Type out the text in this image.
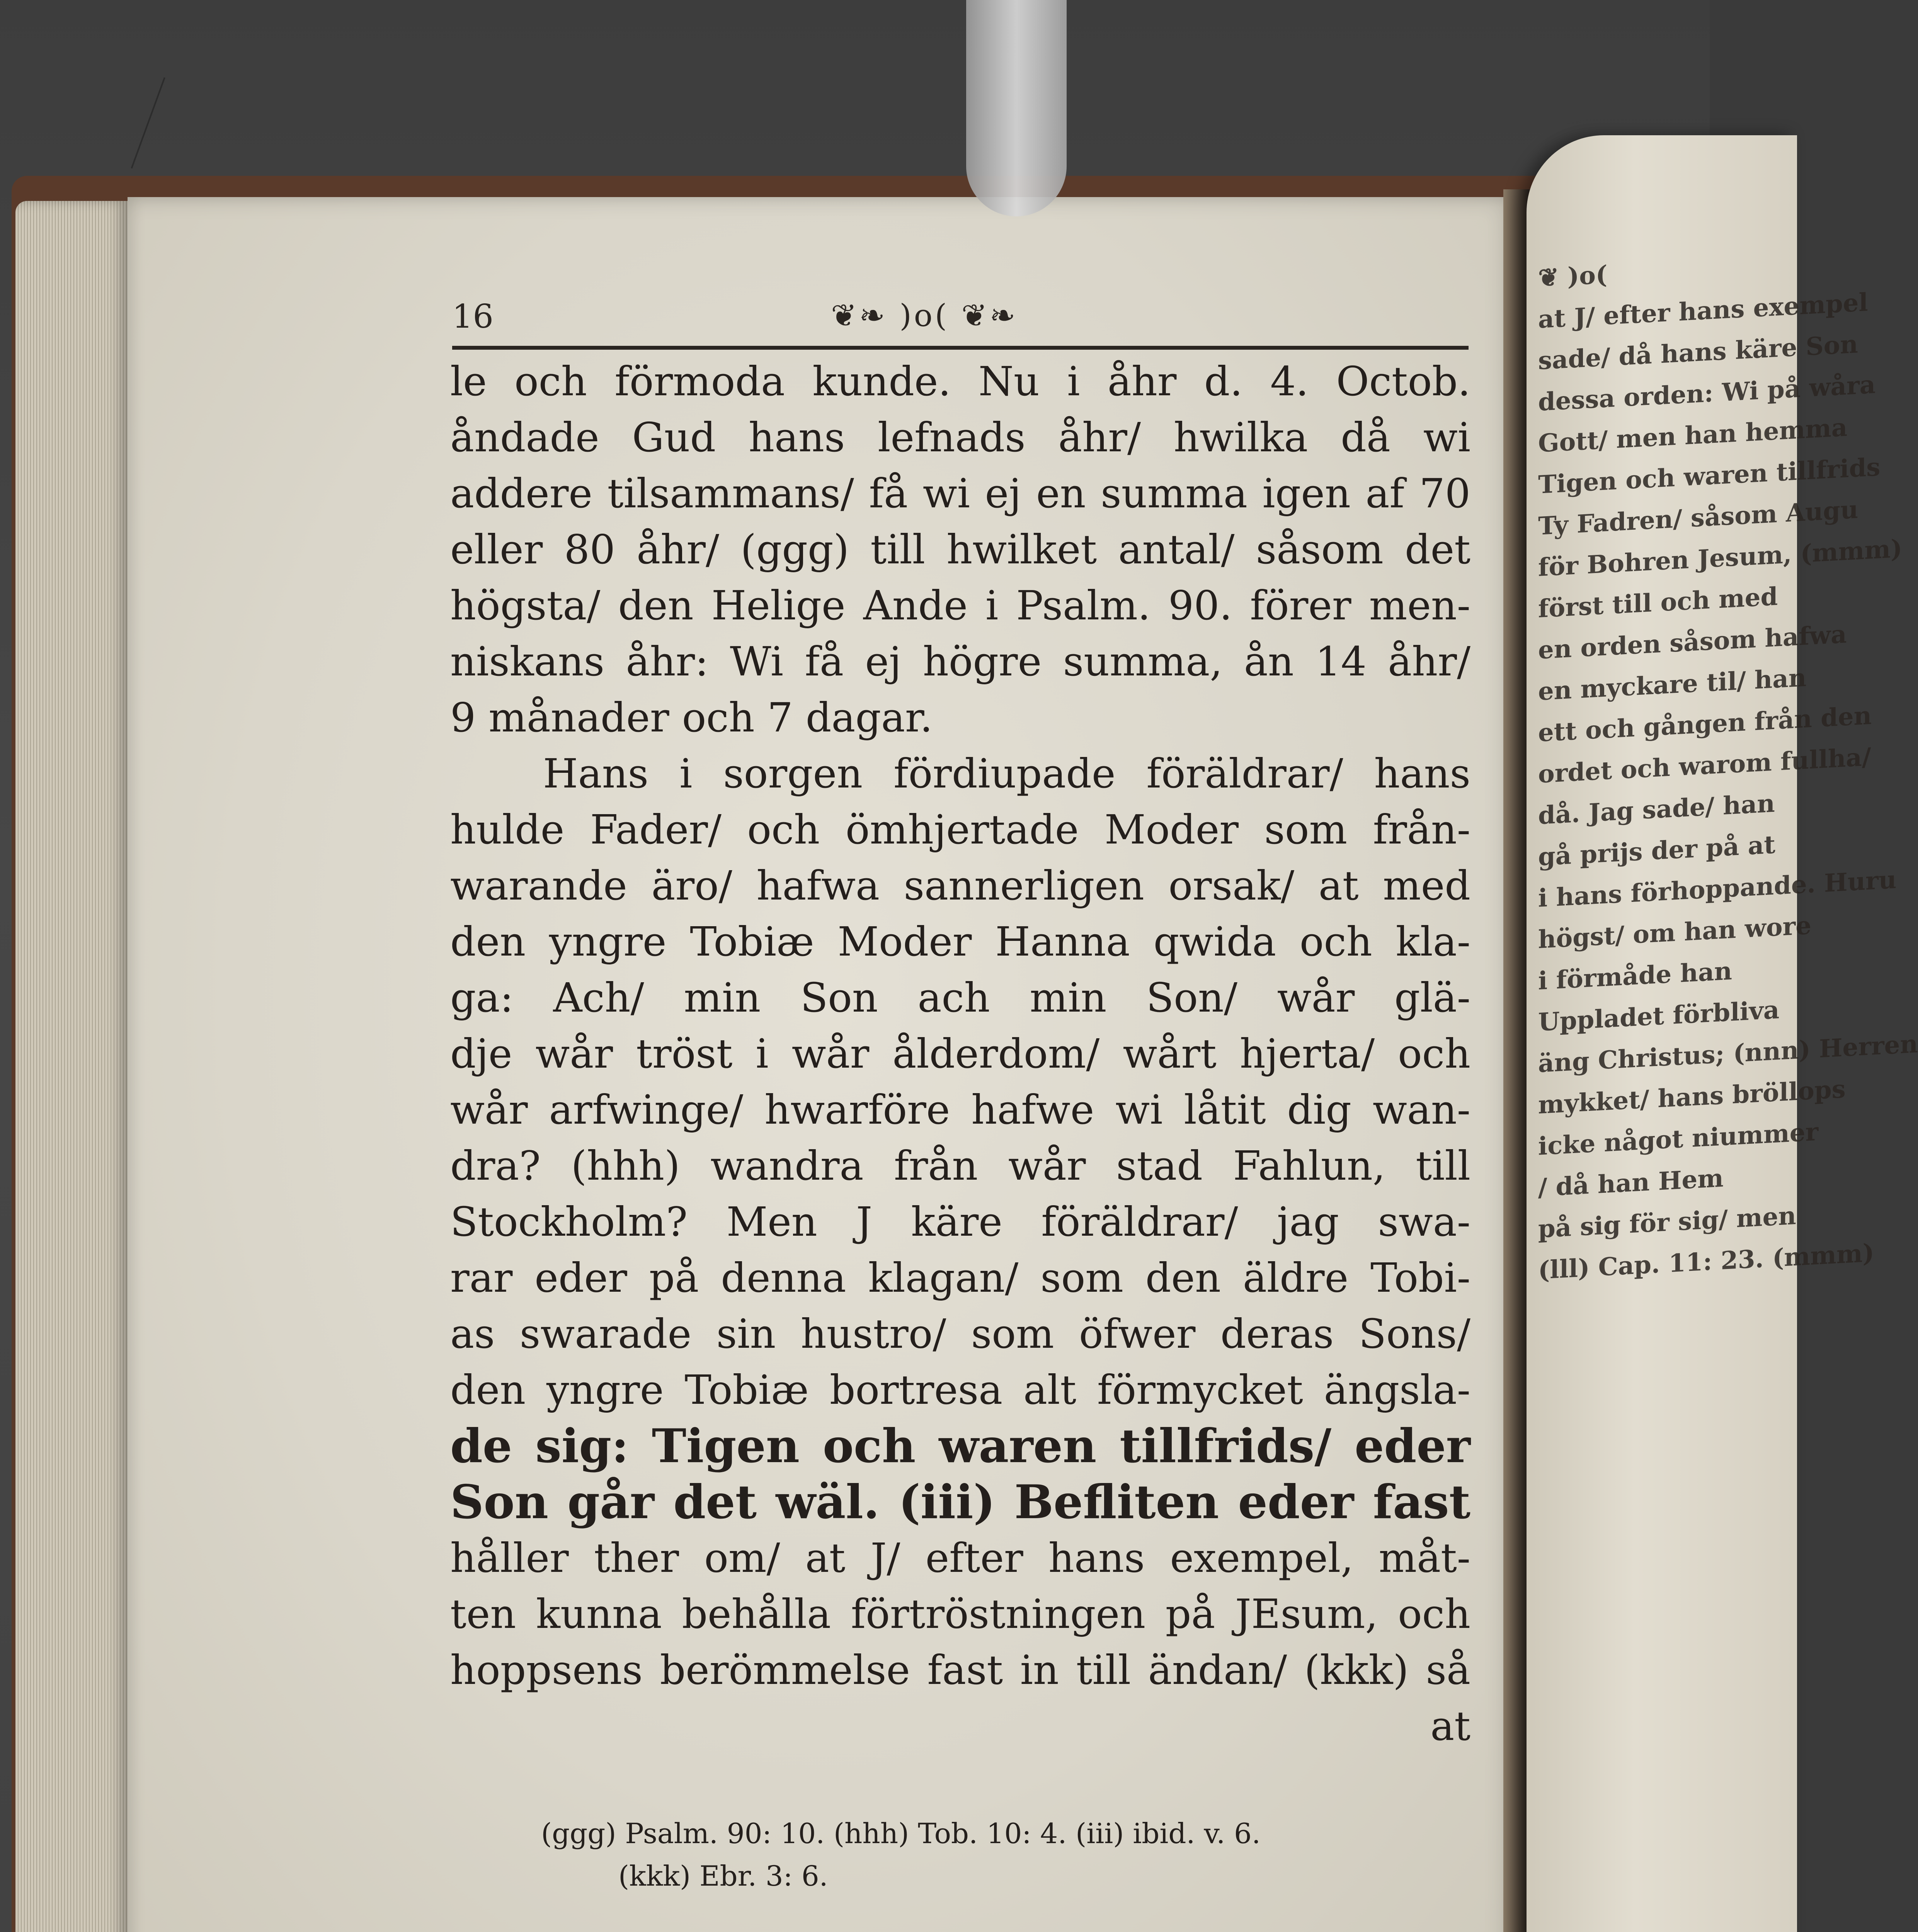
❦ )o(
at J/ efter hans exempel
sade/ då hans käre Son
dessa orden: Wi på wåra
Gott/ men han hemma
Tigen och waren tillfrids
Ty Fadren/ såsom Augu
för Bohren Jesum, (mmm)
först till och med
en orden såsom hafwa
en myckare til/ han
ett och gången från den
ordet och warom fullha/
då. Jag sade/ han
gå prijs der på at
i hans förhoppande. Huru
högst/ om han wore
i förmåde han
Uppladet förbliva
äng Christus; (nnn) Herren
mykket/ hans bröllops
icke något niummer
/ då han Hem
på sig för sig/ men
(lll) Cap. 11: 23. (mmm)
16	❦❧ )o( ❦❧
le och förmoda kunde. Nu i åhr d. 4. Octob.
åndade Gud hans lefnads åhr/ hwilka då wi
addere tilsammans/ få wi ej en summa igen af 70
eller 80 åhr/ (ggg) till hwilket antal/ såsom det
högsta/ den Helige Ande i Psalm. 90. förer men-
niskans åhr: Wi få ej högre summa, ån 14 åhr/
9 månader och 7 dagar.
Hans i sorgen fördiupade föräldrar/ hans
hulde Fader/ och ömhjertade Moder som från-
warande äro/ hafwa sannerligen orsak/ at med
den yngre Tobiæ Moder Hanna qwida och kla-
ga: Ach/ min Son ach min Son/ wår glä-
dje wår tröst i wår ålderdom/ wårt hjerta/ och
wår arfwinge/ hwarföre hafwe wi låtit dig wan-
dra? (hhh) wandra från wår stad Fahlun, till
Stockholm? Men J käre föräldrar/ jag swa-
rar eder på denna klagan/ som den äldre Tobi-
as swarade sin hustro/ som öfwer deras Sons/
den yngre Tobiæ bortresa alt förmycket ängsla-
de sig: Tigen och waren tillfrids/ eder
Son går det wäl. (iii) Befliten eder fast
håller ther om/ at J/ efter hans exempel, måt-
ten kunna behålla förtröstningen på JEsum, och
hoppsens berömmelse fast in till ändan/ (kkk) så
at
(ggg) Psalm. 90: 10. (hhh) Tob. 10: 4. (iii) ibid. v. 6.
(kkk) Ebr. 3: 6.
